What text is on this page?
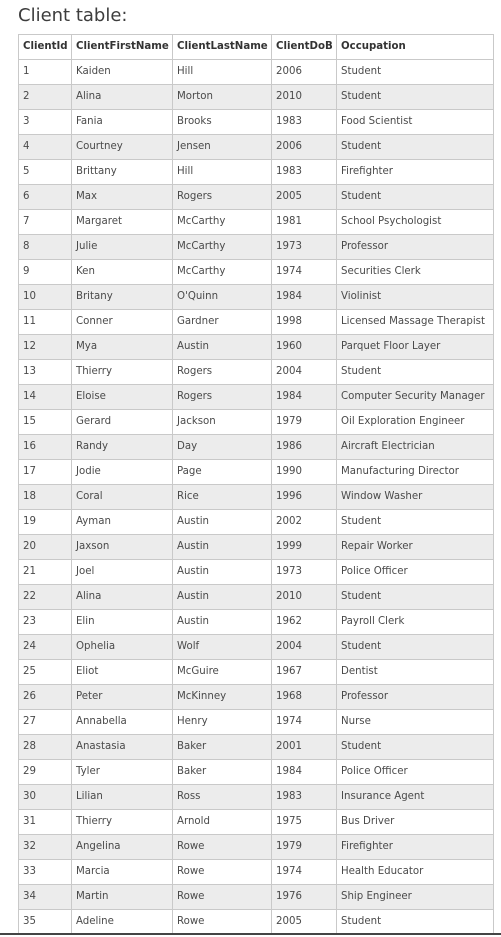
Client table:
ClientId	ClientFirstName	ClientLastName	ClientDoB	Occupation
1	Kaiden	Hill	2006	Student
2	Alina	Morton	2010	Student
3	Fania	Brooks	1983	Food Scientist
4	Courtney	Jensen	2006	Student
5	Brittany	Hill	1983	Firefighter
6	Max	Rogers	2005	Student
7	Margaret	McCarthy	1981	School Psychologist
8	Julie	McCarthy	1973	Professor
9	Ken	McCarthy	1974	Securities Clerk
10	Britany	O'Quinn	1984	Violinist
11	Conner	Gardner	1998	Licensed Massage Therapist
12	Mya	Austin	1960	Parquet Floor Layer
13	Thierry	Rogers	2004	Student
14	Eloise	Rogers	1984	Computer Security Manager
15	Gerard	Jackson	1979	Oil Exploration Engineer
16	Randy	Day	1986	Aircraft Electrician
17	Jodie	Page	1990	Manufacturing Director
18	Coral	Rice	1996	Window Washer
19	Ayman	Austin	2002	Student
20	Jaxson	Austin	1999	Repair Worker
21	Joel	Austin	1973	Police Officer
22	Alina	Austin	2010	Student
23	Elin	Austin	1962	Payroll Clerk
24	Ophelia	Wolf	2004	Student
25	Eliot	McGuire	1967	Dentist
26	Peter	McKinney	1968	Professor
27	Annabella	Henry	1974	Nurse
28	Anastasia	Baker	2001	Student
29	Tyler	Baker	1984	Police Officer
30	Lilian	Ross	1983	Insurance Agent
31	Thierry	Arnold	1975	Bus Driver
32	Angelina	Rowe	1979	Firefighter
33	Marcia	Rowe	1974	Health Educator
34	Martin	Rowe	1976	Ship Engineer
35	Adeline	Rowe	2005	Student
